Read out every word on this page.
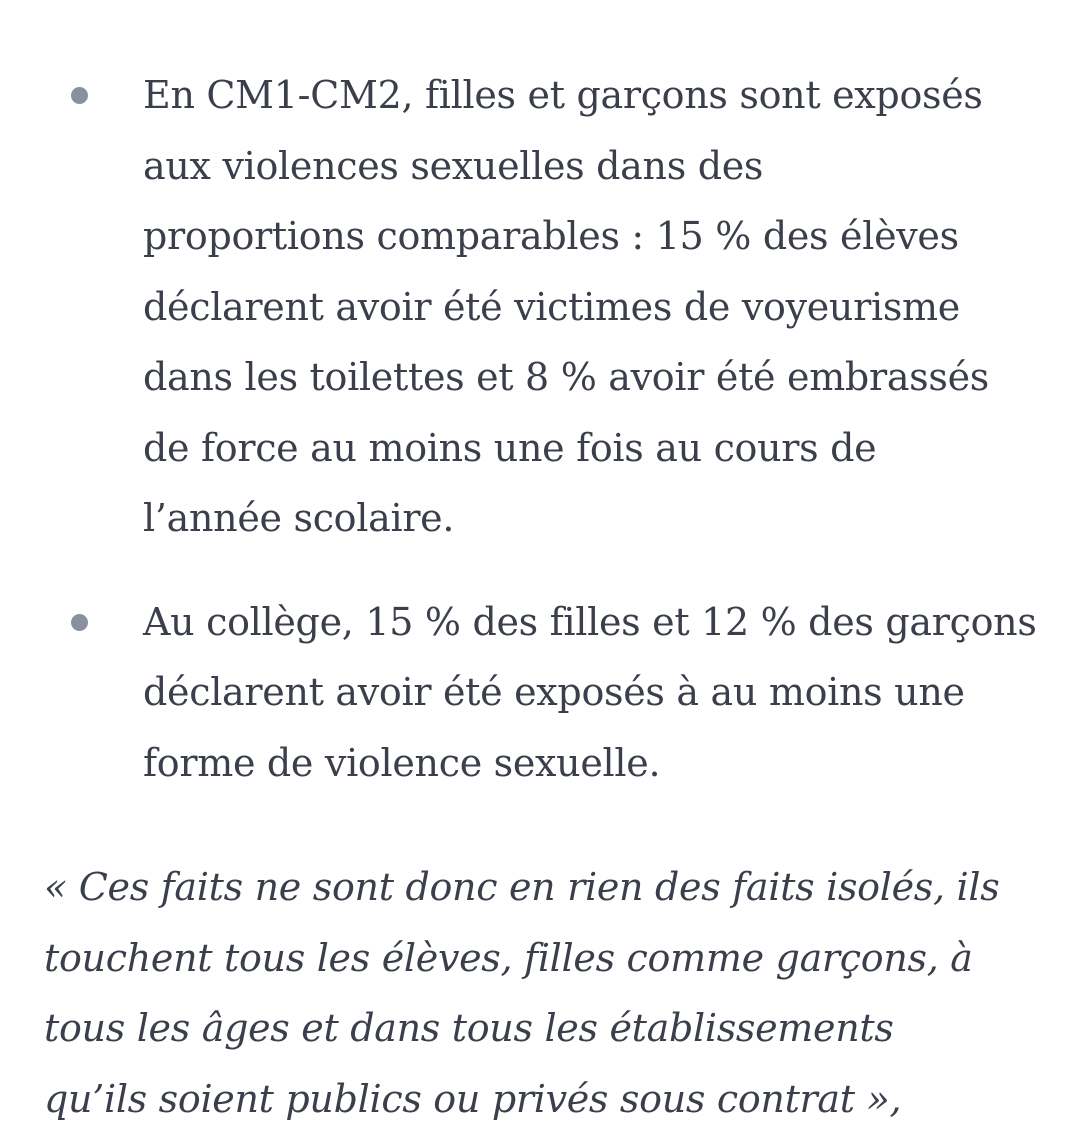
En CM1-CM2, filles et garçons sont exposés
aux violences sexuelles dans des
proportions comparables : 15 % des élèves
déclarent avoir été victimes de voyeurisme
dans les toilettes et 8 % avoir été embrassés
de force au moins une fois au cours de
l’année scolaire.
Au collège, 15 % des filles et 12 % des garçons
déclarent avoir été exposés à au moins une
forme de violence sexuelle.

« Ces faits ne sont donc en rien des faits isolés, ils
touchent tous les élèves, filles comme garçons, à
tous les âges et dans tous les établissements
qu’ils soient publics ou privés sous contrat »,
